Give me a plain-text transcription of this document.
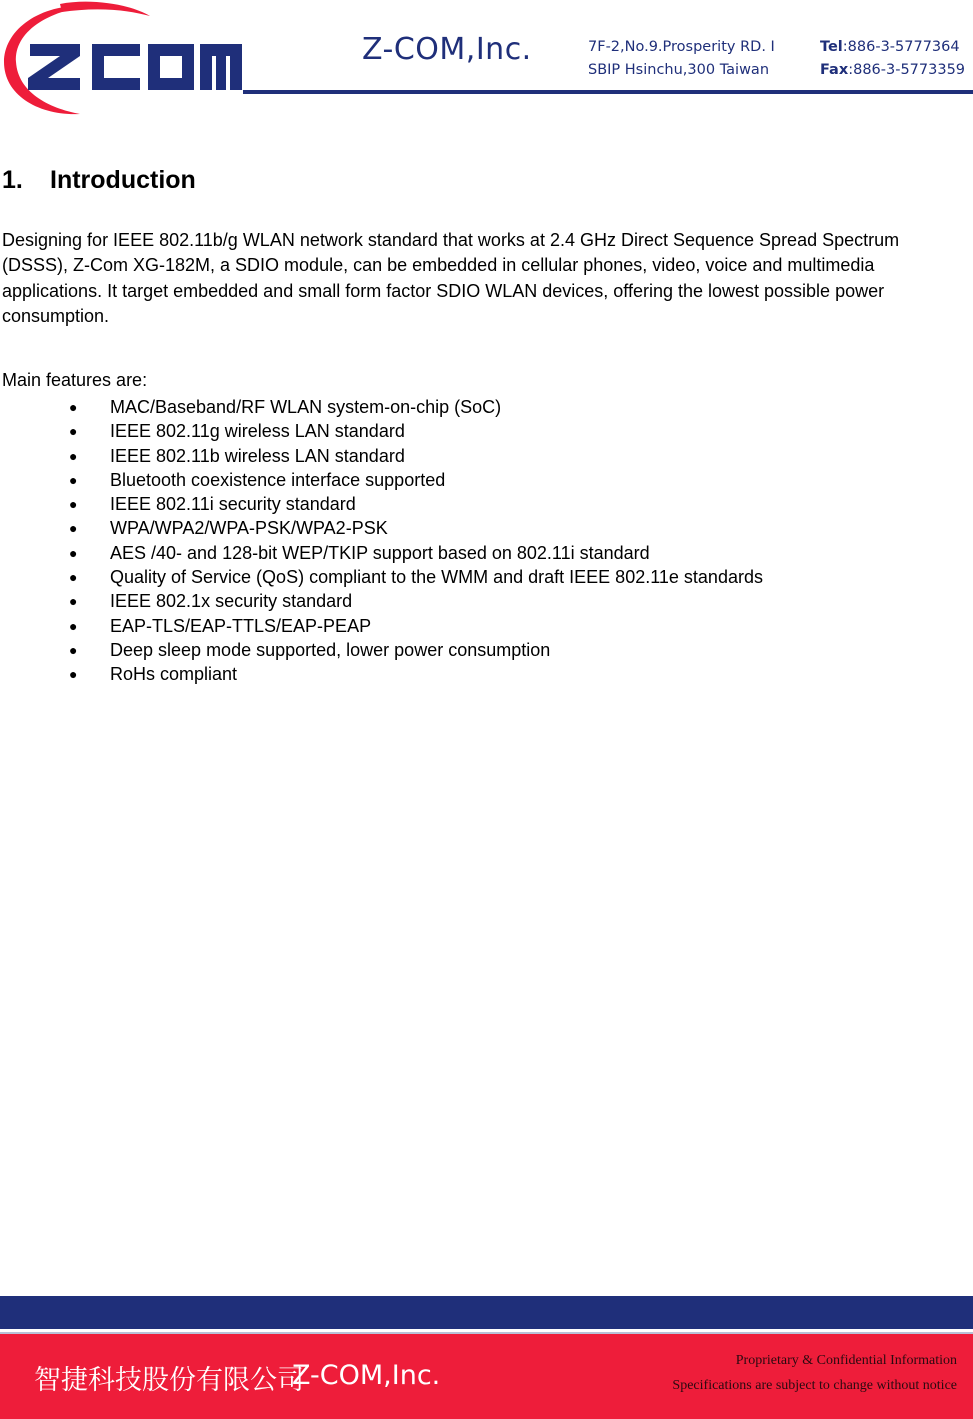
Z-COM,Inc.	7F-2,No.9.Prosperity RD. I
SBIP Hsinchu,300 Taiwan
Tel:886-3-5777364
Fax:886-3-5773359
1. Introduction

Designing for IEEE 802.11b/g WLAN network standard that works at 2.4 GHz Direct Sequence Spread Spectrum (DSSS), Z-Com XG-182M, a SDIO module, can be embedded in cellular phones, video, voice and multimedia applications. It target embedded and small form factor SDIO WLAN devices, offering the lowest possible power consumption.

Main features are:
● MAC/Baseband/RF WLAN system-on-chip (SoC)
● IEEE 802.11g wireless LAN standard
● IEEE 802.11b wireless LAN standard
● Bluetooth coexistence interface supported
● IEEE 802.11i security standard
● WPA/WPA2/WPA-PSK/WPA2-PSK
● AES /40- and 128-bit WEP/TKIP support based on 802.11i standard
● Quality of Service (QoS) compliant to the WMM and draft IEEE 802.11e standards
● IEEE 802.1x security standard
● EAP-TLS/EAP-TTLS/EAP-PEAP
● Deep sleep mode supported, lower power consumption
● RoHs compliant
智捷科技股份有限公司
Z-COM,Inc.	Proprietary & Confidential Information
Specifications are subject to change without notice
